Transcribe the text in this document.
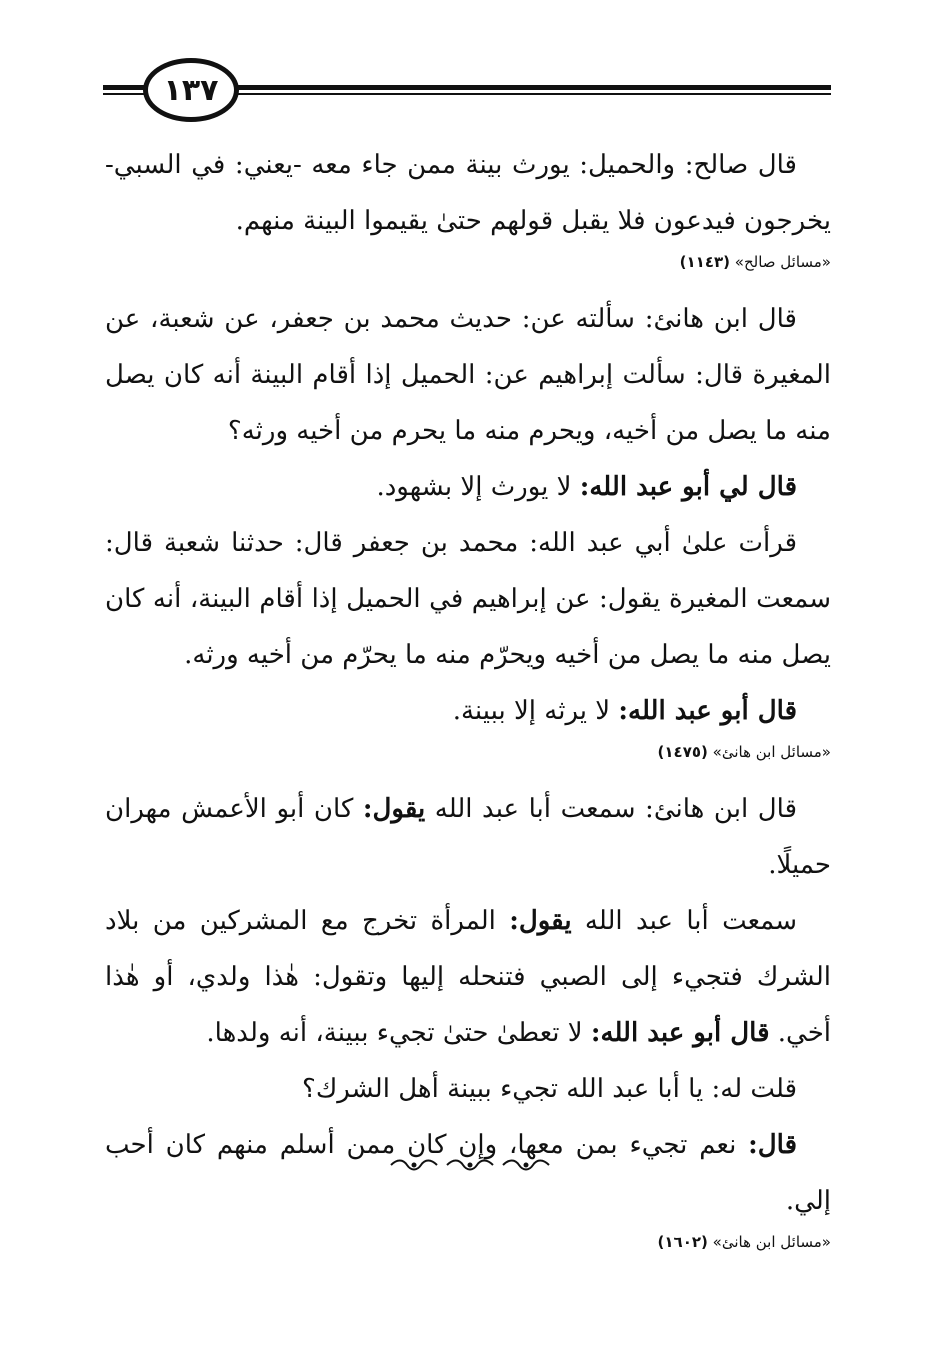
١٣٧

قال صالح: والحميل: يورث بينة ممن جاء معه -يعني: في السبي- يخرجون فيدعون فلا يقبل قولهم حتىٰ يقيموا البينة منهم.

«مسائل صالح» (١١٤٣)

قال ابن هانئ: سألته عن: حديث محمد بن جعفر، عن شعبة، عن المغيرة قال: سألت إبراهيم عن: الحميل إذا أقام البينة أنه كان يصل منه ما يصل من أخيه، ويحرم منه ما يحرم من أخيه ورثه؟

قال لي أبو عبد الله: لا يورث إلا بشهود.

قرأت علىٰ أبي عبد الله: محمد بن جعفر قال: حدثنا شعبة قال: سمعت المغيرة يقول: عن إبراهيم في الحميل إذا أقام البينة، أنه كان يصل منه ما يصل من أخيه ويحرّم منه ما يحرّم من أخيه ورثه.

قال أبو عبد الله: لا يرثه إلا ببينة.

«مسائل ابن هانئ» (١٤٧٥)

قال ابن هانئ: سمعت أبا عبد الله يقول: كان أبو الأعمش مهران حميلًا.

سمعت أبا عبد الله يقول: المرأة تخرج مع المشركين من بلاد الشرك فتجيء إلى الصبي فتنحله إليها وتقول: هٰذا ولدي، أو هٰذا أخي. قال أبو عبد الله: لا تعطىٰ حتىٰ تجيء ببينة، أنه ولدها.

قلت له: يا أبا عبد الله تجيء ببينة أهل الشرك؟

قال: نعم تجيء بمن معها، وإن كان ممن أسلم منهم كان أحب إلي.

«مسائل ابن هانئ» (١٦٠٢)
